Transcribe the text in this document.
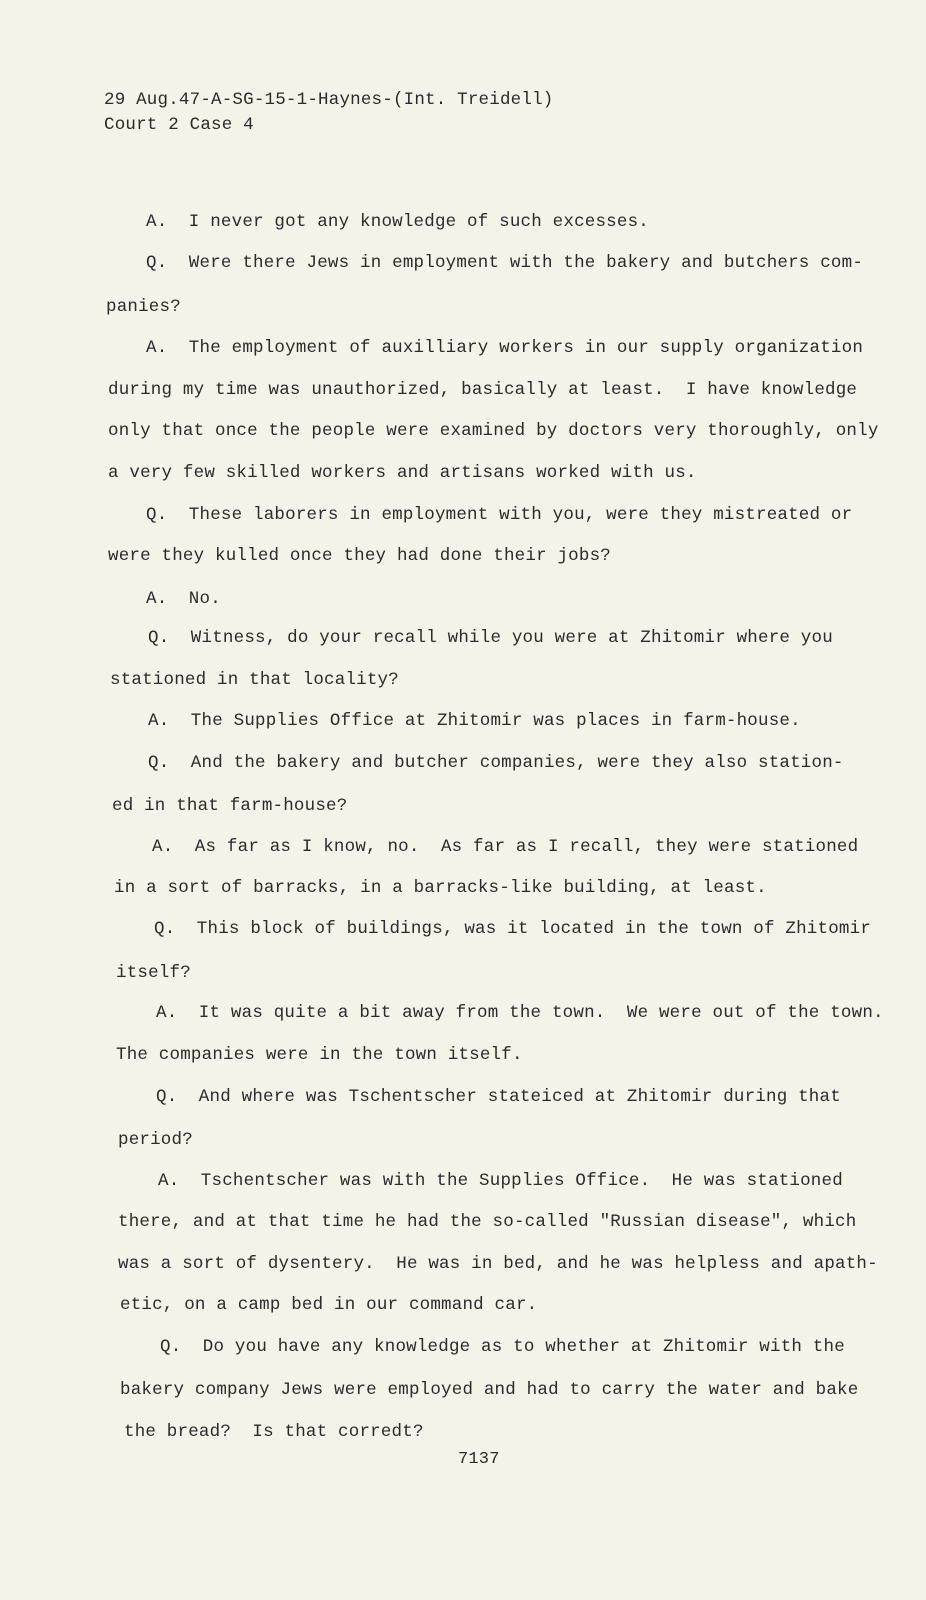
29 Aug.47-A-SG-15-1-Haynes-(Int. Treidell)
Court 2 Case 4
A.  I never got any knowledge of such excesses.
Q.  Were there Jews in employment with the bakery and butchers com-
panies?
A.  The employment of auxilliary workers in our supply organization
during my time was unauthorized, basically at least.  I have knowledge
only that once the people were examined by doctors very thoroughly, only
a very few skilled workers and artisans worked with us.
Q.  These laborers in employment with you, were they mistreated or
were they kulled once they had done their jobs?
A.  No.
Q.  Witness, do your recall while you were at Zhitomir where you
stationed in that locality?
A.  The Supplies Office at Zhitomir was places in farm-house.
Q.  And the bakery and butcher companies, were they also station-
ed in that farm-house?
A.  As far as I know, no.  As far as I recall, they were stationed
in a sort of barracks, in a barracks-like building, at least.
Q.  This block of buildings, was it located in the town of Zhitomir
itself?
A.  It was quite a bit away from the town.  We were out of the town.
The companies were in the town itself.
Q.  And where was Tschentscher stateiced at Zhitomir during that
period?
A.  Tschentscher was with the Supplies Office.  He was stationed
there, and at that time he had the so-called "Russian disease", which
was a sort of dysentery.  He was in bed, and he was helpless and apath-
etic, on a camp bed in our command car.
Q.  Do you have any knowledge as to whether at Zhitomir with the
bakery company Jews were employed and had to carry the water and bake
the bread?  Is that corredt?
7137
